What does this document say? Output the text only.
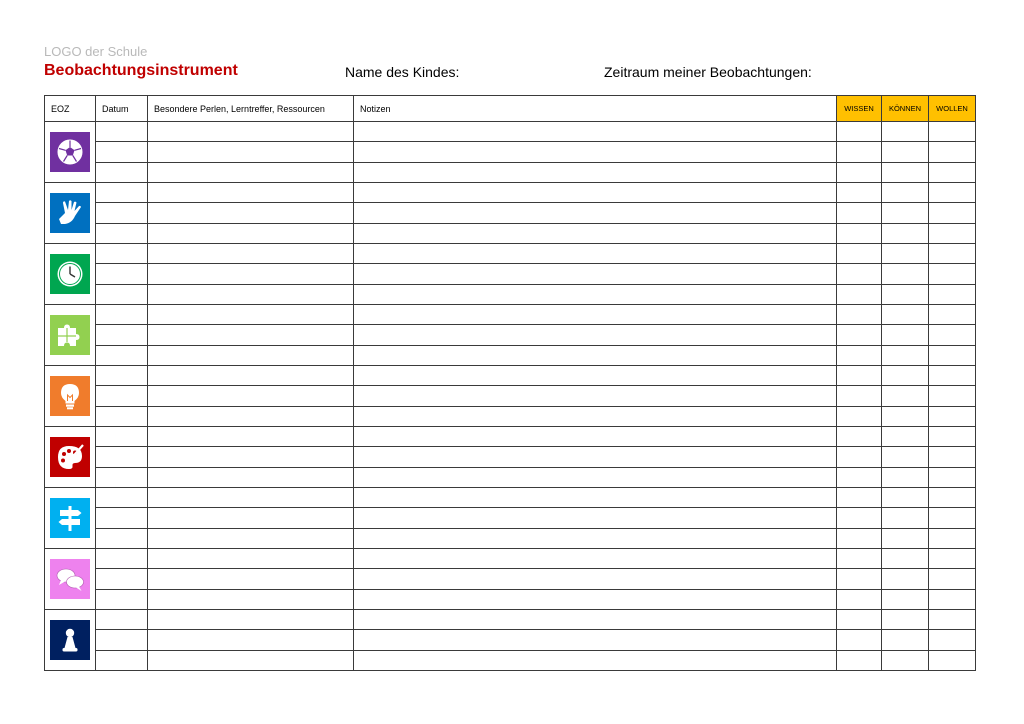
LOGO der Schule
Beobachtungsinstrument	Name des Kindes:	Zeitraum meiner Beobachtungen:
EOZ	Datum	Besondere Perlen, Lerntreffer, Ressourcen	Notizen	WISSEN	KÖNNEN	WOLLEN
